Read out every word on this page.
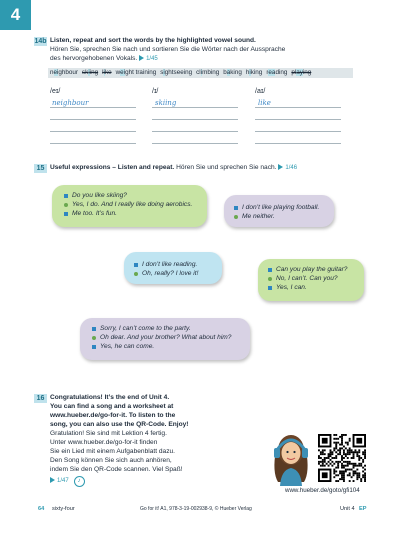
4
14b Listen, repeat and sort the words by the highlighted vowel sound.
Hören Sie, sprechen Sie nach und sortieren Sie die Wörter nach der Aussprache
des hervorgehobenen Vokals. 1/45
neighbour skiing like weight training sightseeing climbing baking hiking eading playing
/eɪ/	/ɪ/	/aɪ/
neighbour	skiing	like
15 Useful expressions – Listen and repeat. Hören Sie und sprechen Sie nach. 1/46
Do you like skiing?
Yes, I do. And I really like doing aerobics.
Me too. It’s fun.
I don’t like playing football.
Me neither.
I don’t like reading.
Oh, really? I love it!
Can you play the guitar?
No, I can’t. Can you?
Yes, I can.
Sorry, I can’t come to the party.
Oh dear. And your brother? What about him?
Yes, he can come.
16 Congratulations! It’s the end of Unit 4.
You can find a song and a worksheet at
www.hueber.de/go-for-it. To listen to the
song, you can also use the QR-Code. Enjoy!
Gratulation! Sie sind mit Lektion 4 fertig.
Unter www.hueber.de/go-for-it finden
Sie ein Lied mit einem Aufgabenblatt dazu.
Den Song können Sie sich auch anhören,
indem Sie den QR-Code scannen. Viel Spaß!
1/47 ♪
www.hueber.de/goto/gfi104
64 sixty-four	Go for it! A1, 978-3-19-002938-9, © Hueber Verlag	Unit 4 EP
